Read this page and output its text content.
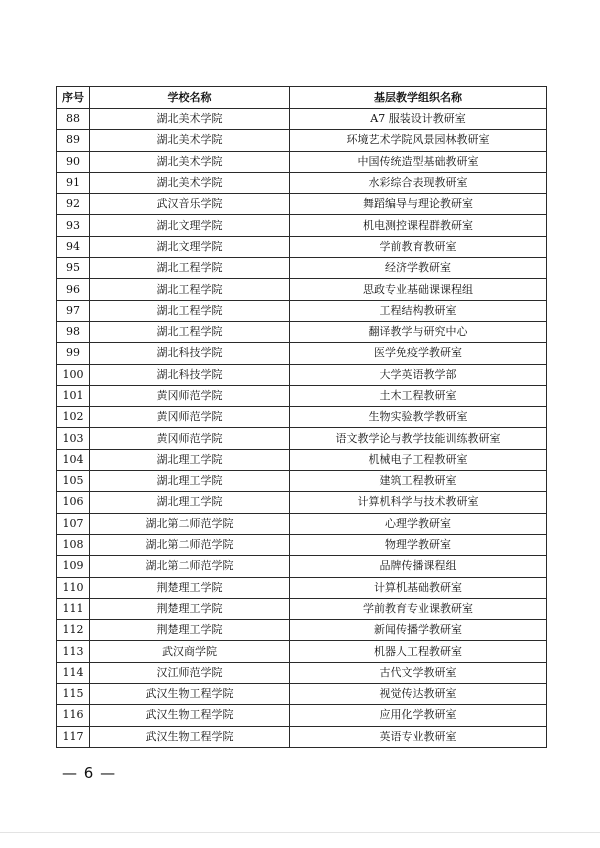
序号	学校名称	基层教学组织名称
88	湖北美术学院	A7 服装设计教研室
89	湖北美术学院	环境艺术学院风景园林教研室
90	湖北美术学院	中国传统造型基础教研室
91	湖北美术学院	水彩综合表现教研室
92	武汉音乐学院	舞蹈编导与理论教研室
93	湖北文理学院	机电测控课程群教研室
94	湖北文理学院	学前教育教研室
95	湖北工程学院	经济学教研室
96	湖北工程学院	思政专业基础课课程组
97	湖北工程学院	工程结构教研室
98	湖北工程学院	翻译教学与研究中心
99	湖北科技学院	医学免疫学教研室
100	湖北科技学院	大学英语教学部
101	黄冈师范学院	土木工程教研室
102	黄冈师范学院	生物实验教学教研室
103	黄冈师范学院	语文教学论与教学技能训练教研室
104	湖北理工学院	机械电子工程教研室
105	湖北理工学院	建筑工程教研室
106	湖北理工学院	计算机科学与技术教研室
107	湖北第二师范学院	心理学教研室
108	湖北第二师范学院	物理学教研室
109	湖北第二师范学院	品牌传播课程组
110	荆楚理工学院	计算机基础教研室
111	荆楚理工学院	学前教育专业课教研室
112	荆楚理工学院	新闻传播学教研室
113	武汉商学院	机器人工程教研室
114	汉江师范学院	古代文学教研室
115	武汉生物工程学院	视觉传达教研室
116	武汉生物工程学院	应用化学教研室
117	武汉生物工程学院	英语专业教研室
— 6 —
